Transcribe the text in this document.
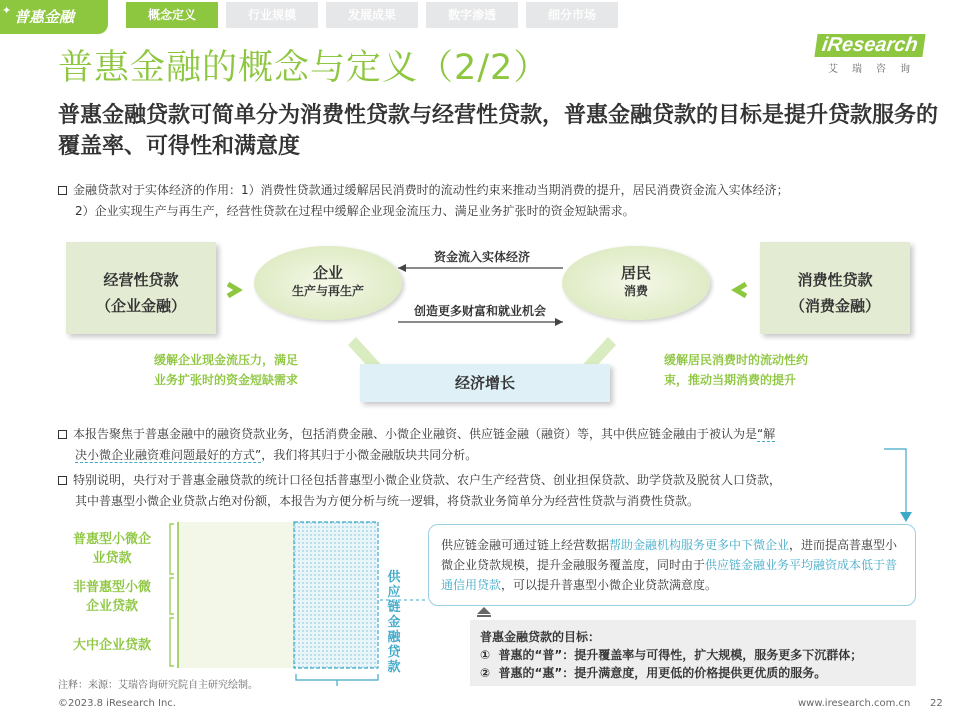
✦ 普惠金融	概念定义	行业规模	发展成果	数字渗透	细分市场
iResearch
艾瑞咨询
普惠金融的概念与定义（2/2）
普惠金融贷款可简单分为消费性贷款与经营性贷款，普惠金融贷款的目标是提升贷款服务的覆盖率、可得性和满意度
金融贷款对于实体经济的作用：1）消费性贷款通过缓解居民消费时的流动性约束来推动当期消费的提升，居民消费资金流入实体经济；
2）企业实现生产与再生产，经营性贷款在过程中缓解企业现金流压力、满足业务扩张时的资金短缺需求。
经营性贷款
（企业金融）
企业
生产与再生产
资金流入实体经济
创造更多财富和就业机会
居民
消费
消费性贷款
（消费金融）
缓解企业现金流压力，满足
业务扩张时的资金短缺需求	经济增长
缓解居民消费时的流动性约
束，推动当期消费的提升
本报告聚焦于普惠金融中的融资贷款业务，包括消费金融、小微企业融资、供应链金融（融资）等，其中供应链金融由于被认为是“解
决小微企业融资难问题最好的方式”，我们将其归于小微金融版块共同分析。
特别说明，央行对于普惠金融贷款的统计口径包括普惠型小微企业贷款、农户生产经营贷、创业担保贷款、助学贷款及脱贫人口贷款，
其中普惠型小微企业贷款占绝对份额，本报告为方便分析与统一逻辑，将贷款业务简单分为经营性贷款与消费性贷款。
普惠型小微企
业贷款
非普惠型小微
企业贷款
大中企业贷款
供
应
链
金
融
贷
款
供应链金融可通过链上经营数据帮助金融机构服务更多中下微企业，进而提高普惠型小微企业贷款规模，提升金融服务覆盖度，同时由于供应链金融业务平均融资成本低于普通信用贷款，可以提升普惠型小微企业贷款满意度。
普惠金融贷款的目标：
① 普惠的“普”：提升覆盖率与可得性，扩大规模，服务更多下沉群体；
② 普惠的“惠”：提升满意度，用更低的价格提供更优质的服务。
注释：来源：艾瑞咨询研究院自主研究绘制。
©2023.8 iResearch Inc.	www.iresearch.com.cn 22
